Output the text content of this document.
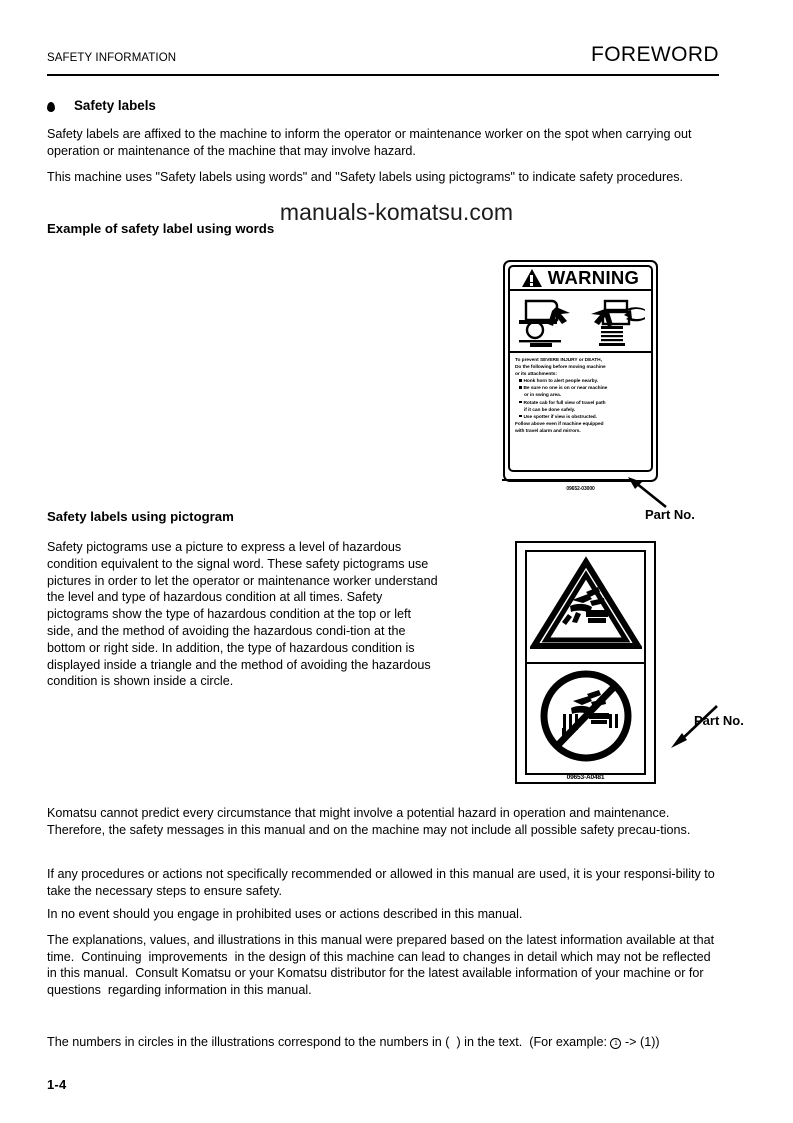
SAFETY INFORMATION	FOREWORD
Safety labels
Safety labels are affixed to the machine to inform the operator or maintenance worker on the spot when carrying out operation or maintenance of the machine that may involve hazard.
This machine uses "Safety labels using words" and "Safety labels using pictograms" to indicate safety procedures.
manuals-komatsu.com
Example of safety label using words
WARNING
To prevent SEVERE INJURY or DEATH,
Do the following before moving machine
or its attachments:
Honk horn to alert people nearby.
Be sure no one is on or near machine
or in swing area.
Rotate cab for full view of travel path
if it can be done safely.
Use spotter if view is obstructed.
Follow above even if machine equipped
with travel alarm and mirrors.
09652-03000
Part No.
Safety labels using pictogram
Safety pictograms use a picture to express a level of hazardous condition equivalent to the signal word. These safety pictograms use pictures in order to let the operator or maintenance worker understand the level and type of hazardous condition at all times. Safety pictograms show the type of hazardous condition at the top or left side, and the method of avoiding the hazardous condi-tion at the bottom or right side. In addition, the type of hazardous condition is displayed inside a triangle and the method of avoiding the hazardous condition is shown inside a circle.
09653-A0481
Part No.
Komatsu cannot predict every circumstance that might involve a potential hazard in operation and maintenance. Therefore, the safety messages in this manual and on the machine may not include all possible safety precau-tions.
If any procedures or actions not specifically recommended or allowed in this manual are used, it is your responsi-bility to take the necessary steps to ensure safety.
In no event should you engage in prohibited uses or actions described in this manual.
The explanations, values, and illustrations in this manual were prepared based on the latest information available at that time.  Continuing  improvements  in the design of this machine can lead to changes in detail which may not be reflected in this manual.  Consult Komatsu or your Komatsu distributor for the latest available information of your machine or for  questions  regarding information in this manual.
The numbers in circles in the illustrations correspond to the numbers in (  ) in the text.  (For example: 1 -> (1))
1-4
